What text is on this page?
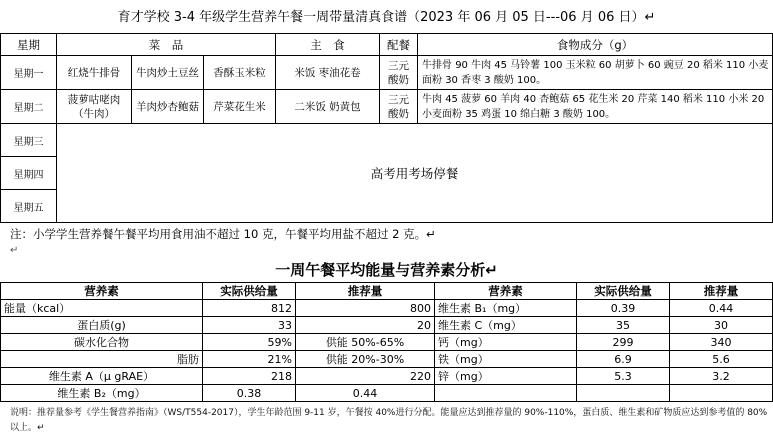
育才学校 3-4 年级学生营养午餐一周带量清真食谱（2023 年 06 月 05 日---06 月 06 日）↵
星期	菜　品			主　食	配餐	食物成分（g）
星期一	红烧牛排骨	牛肉炒土豆丝	香酥玉米粒	米饭 枣油花卷	三元酸奶	牛排骨 90 牛肉 45 马铃薯 100 玉米粒 60 胡萝卜 60 豌豆 20 稻米 110 小麦面粉 30 香枣 3 酸奶 100。
星期二	菠萝咕咾肉（牛肉）	羊肉炒杏鲍菇	芹菜花生米	二米饭 奶黄包	三元酸奶	牛肉 45 菠萝 60 羊肉 40 杏鲍菇 65 花生米 20 芹菜 140 稻米 110 小米 20 小麦面粉 35 鸡蛋 10 绵白糖 3 酸奶 100。
星期三	高考用考场停餐					
星期四						
星期五						
注：小学学生营养餐午餐平均用食用油不超过 10 克，午餐平均用盐不超过 2 克。↵
↵
一周午餐平均能量与营养素分析↵
营养素	实际供给量	推荐量	营养素	实际供给量	推荐量
能量（kcal）	812	800	维生素 B₁（mg）	0.39	0.44
蛋白质(g)	33	20	维生素 C（mg）	35	30
碳水化合物	59%	供能 50%-65%	钙（mg）	299	340
脂肪	21%	供能 20%-30%	铁（mg）	6.9	5.6
维生素 A（μ gRAE）	218	220	锌（mg）	5.3	3.2
维生素 B₂（mg）	0.38	0.44			
说明：推荐量参考《学生餐营养指南》（WS/T554-2017），学生年龄范围 9-11 岁，午餐按 40%进行分配。能量应达到推荐量的 90%-110%，蛋白质、维生素和矿物质应达到参考值的 80%以上。↵
